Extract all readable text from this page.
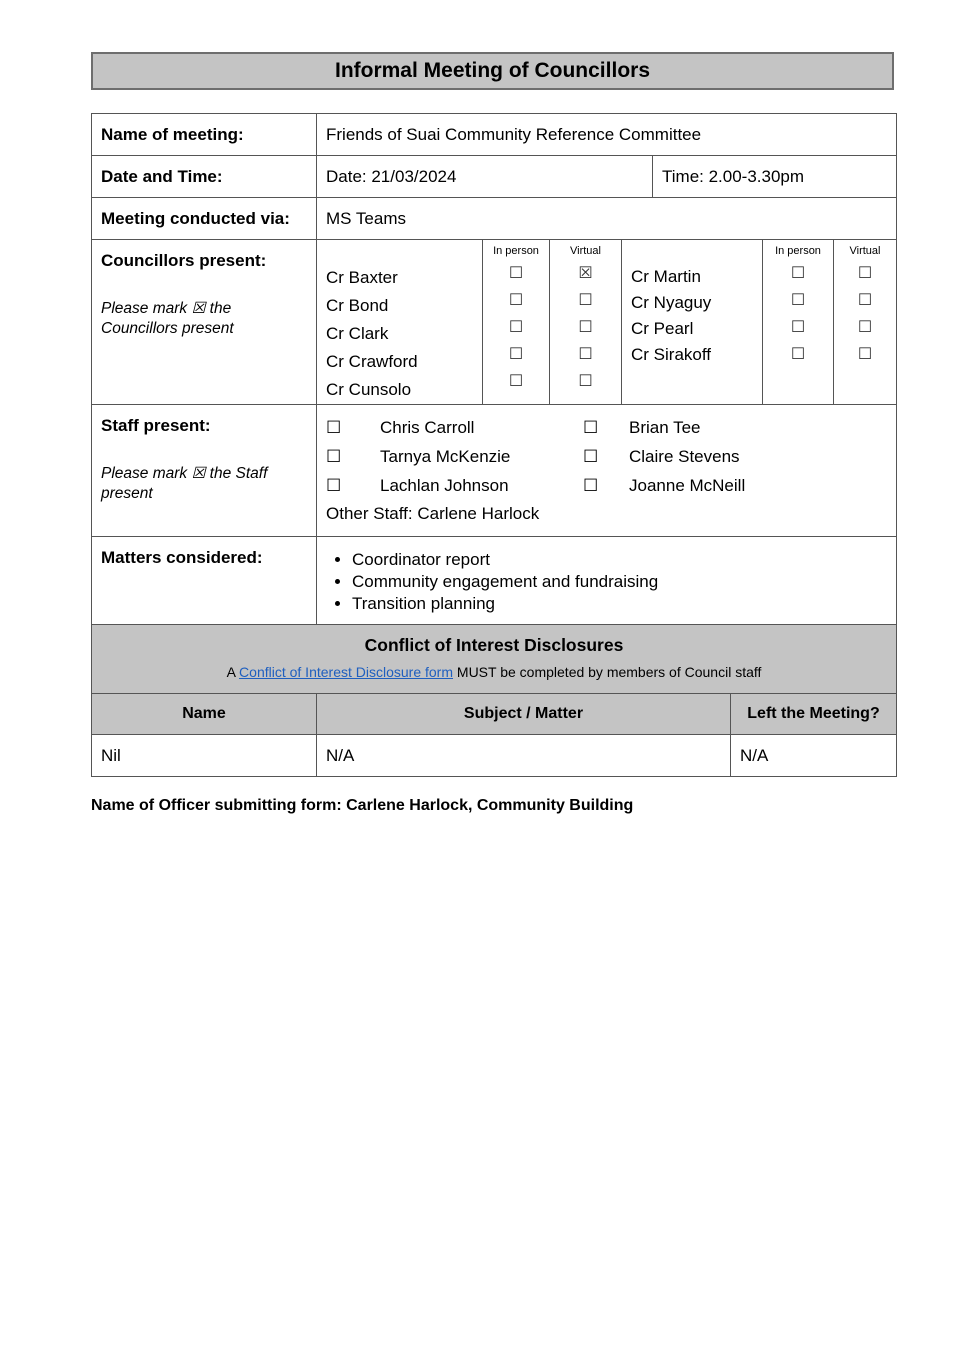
Informal Meeting of Councillors
Name of meeting:	Friends of Suai Community Reference Committee
Date and Time:	Date: 21/03/2024	Time: 2.00-3.30pm
Meeting conducted via:	MS Teams
Councillors present:
Please mark ☒ the Councillors present
Cr Baxter
Cr Bond
Cr Clark
Cr Crawford
Cr Cunsolo
In person
☐
☐
☐
☐
☐
Virtual
☒
☐
☐
☐
☐
Cr Martin
Cr Nyaguy
Cr Pearl
Cr Sirakoff
In person
☐
☐
☐
☐
Virtual
☐
☐
☐
☐
Staff present:
Please mark ☒ the Staff present
☐	Chris Carroll	☐	Brian Tee
☐	Tarnya McKenzie	☐	Claire Stevens
☐	Lachlan Johnson	☐	Joanne McNeill
Other Staff: Carlene Harlock
Matters considered:
•	Coordinator report
• Community engagement and fundraising
• Transition planning
Conflict of Interest Disclosures
A Conflict of Interest Disclosure form MUST be completed by members of Council staff
Name	Subject / Matter	Left the Meeting?
Nil	N/A	N/A
Name of Officer submitting form: Carlene Harlock, Community Building
